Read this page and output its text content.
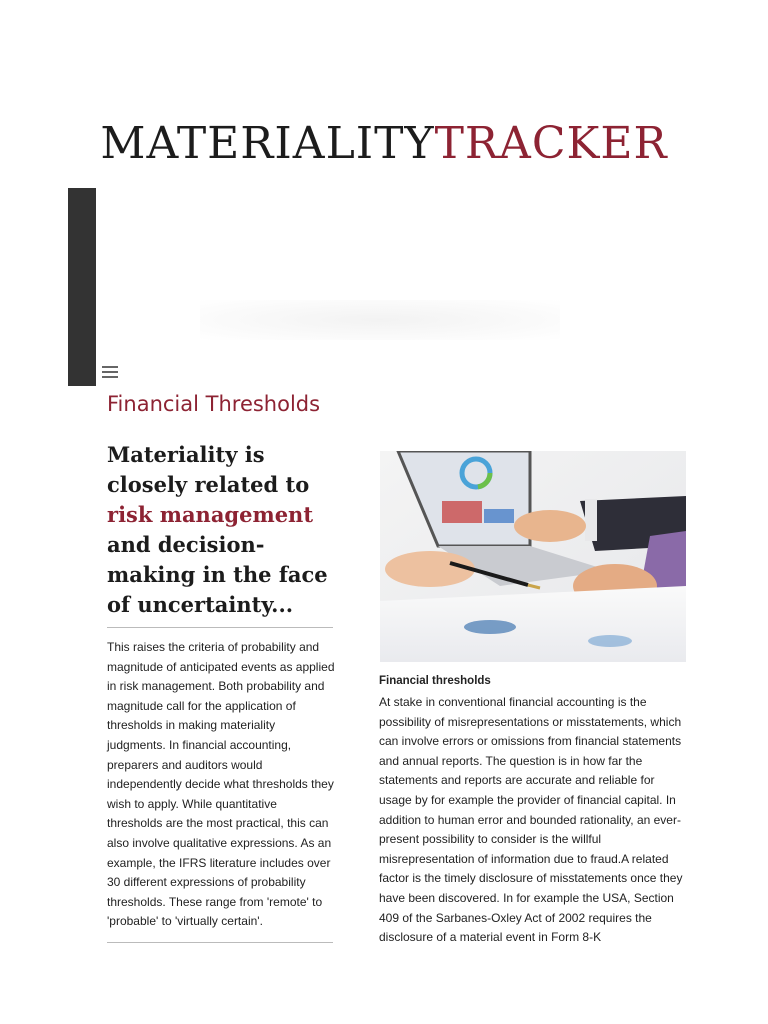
MATERIALITYTRACKER
Financial Thresholds
Materiality is closely related to risk management and decision-making in the face of uncertainty...
This raises the criteria of probability and magnitude of anticipated events as applied in risk management. Both probability and magnitude call for the application of thresholds in making materiality judgments. In financial accounting, preparers and auditors would independently decide what thresholds they wish to apply. While quantitative thresholds are the most practical, this can also involve qualitative expressions. As an example, the IFRS literature includes over 30 different expressions of probability thresholds. These range from 'remote' to 'probable' to 'virtually certain'.
Financial thresholds
At stake in conventional financial accounting is the possibility of misrepresentations or misstatements, which can involve errors or omissions from financial statements and annual reports. The question is in how far the statements and reports are accurate and reliable for usage by for example the provider of financial capital. In addition to human error and bounded rationality, an ever-present possibility to consider is the willful misrepresentation of information due to fraud.A related factor is the timely disclosure of misstatements once they have been discovered. In for example the USA, Section 409 of the Sarbanes-Oxley Act of 2002 requires the disclosure of a material event in Form 8-K
